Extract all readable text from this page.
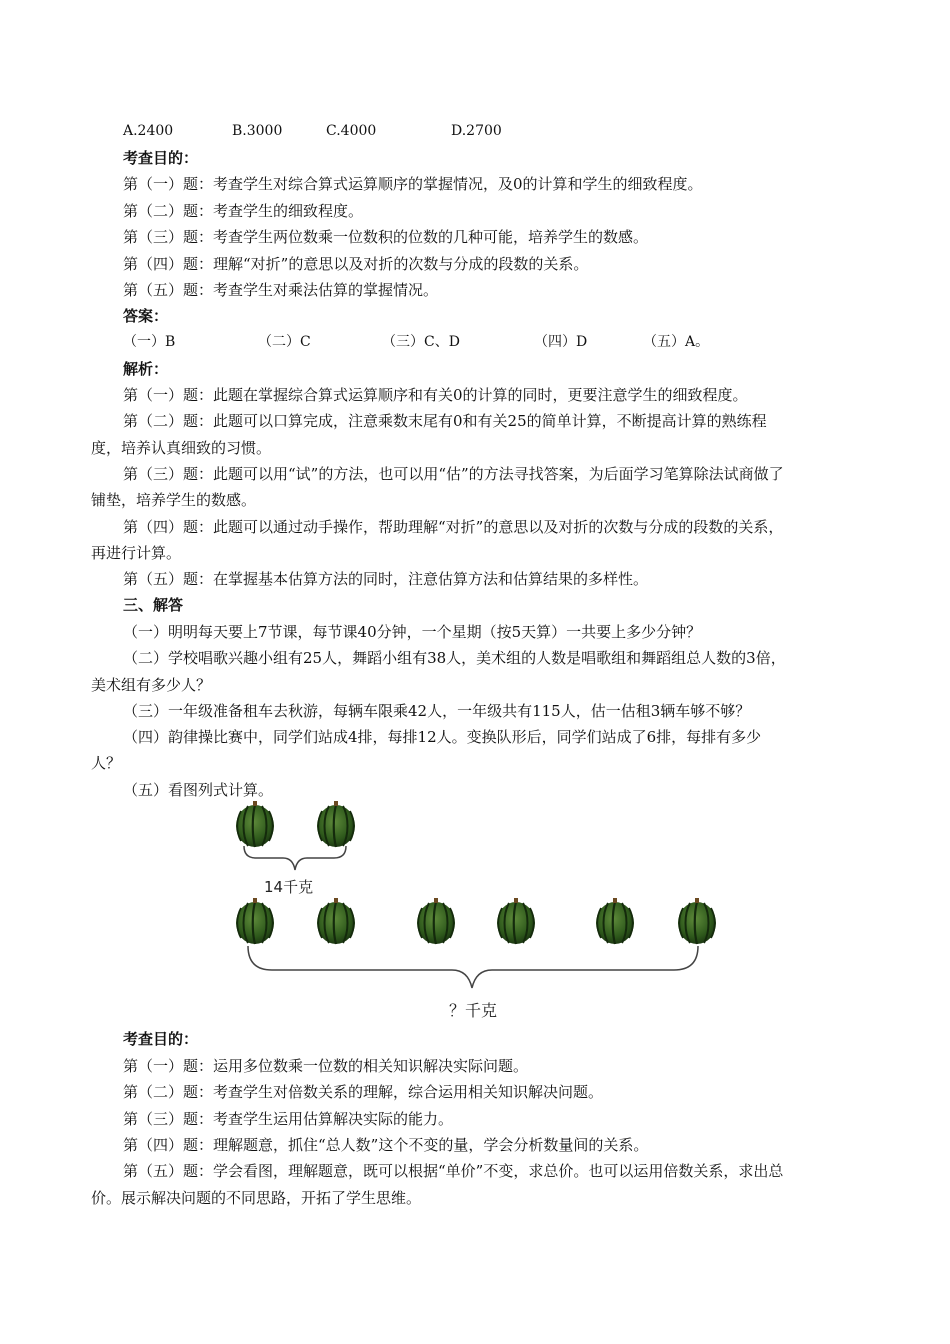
A.2400	B.3000	C.4000	D.2700
考查目的：
第（一）题：考查学生对综合算式运算顺序的掌握情况，及0的计算和学生的细致程度。
第（二）题：考查学生的细致程度。
第（三）题：考查学生两位数乘一位数积的位数的几种可能，培养学生的数感。
第（四）题：理解“对折”的意思以及对折的次数与分成的段数的关系。
第（五）题：考查学生对乘法估算的掌握情况。
答案：
（一）B	（二）C	（三）C、D	（四）D	（五）A。
解析：
第（一）题：此题在掌握综合算式运算顺序和有关0的计算的同时，更要注意学生的细致程度。
第（二）题：此题可以口算完成，注意乘数末尾有0和有关25的简单计算，不断提高计算的熟练程
度，培养认真细致的习惯。
第（三）题：此题可以用“试”的方法，也可以用“估”的方法寻找答案，为后面学习笔算除法试商做了
铺垫，培养学生的数感。
第（四）题：此题可以通过动手操作，帮助理解“对折”的意思以及对折的次数与分成的段数的关系，
再进行计算。
第（五）题：在掌握基本估算方法的同时，注意估算方法和估算结果的多样性。
三、解答
（一）明明每天要上7节课，每节课40分钟，一个星期（按5天算）一共要上多少分钟？
（二）学校唱歌兴趣小组有25人，舞蹈小组有38人，美术组的人数是唱歌组和舞蹈组总人数的3倍，
美术组有多少人？
（三）一年级准备租车去秋游，每辆车限乘42人，一年级共有115人，估一估租3辆车够不够？
（四）韵律操比赛中，同学们站成4排，每排12人。变换队形后，同学们站成了6排，每排有多少
人？
（五）看图列式计算。
14千克
？千克
考查目的：
第（一）题：运用多位数乘一位数的相关知识解决实际问题。
第（二）题：考查学生对倍数关系的理解，综合运用相关知识解决问题。
第（三）题：考查学生运用估算解决实际的能力。
第（四）题：理解题意，抓住“总人数”这个不变的量，学会分析数量间的关系。
第（五）题：学会看图，理解题意，既可以根据“单价”不变，求总价。也可以运用倍数关系，求出总
价。展示解决问题的不同思路，开拓了学生思维。
